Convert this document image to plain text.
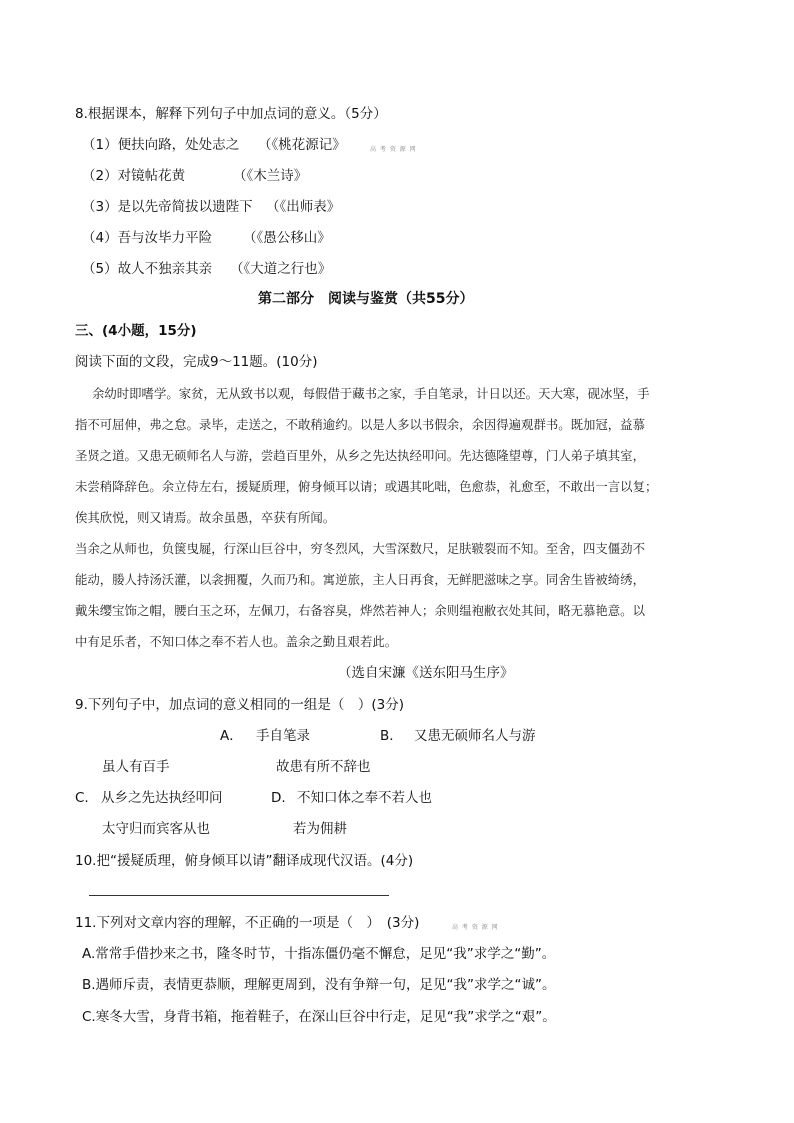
8.根据课本，解释下列句子中加点词的意义。（5分）
（1）便扶向路，处处志之 （《桃花源记》	高 考 资 源 网
（2）对镜帖花黄	（《木兰诗》
（3）是以先帝简拔以遗陛下 （《出师表》
（4）吾与汝毕力平险 （《愚公移山》
（5）故人不独亲其亲 （《大道之行也》
第二部分　阅读与鉴赏（共55分）
三、(4小题，15分)
阅读下面的文段，完成9～11题。(10分)
余幼时即嗜学。家贫，无从致书以观，每假借于藏书之家，手自笔录，计日以还。天大寒，砚冰坚，手
指不可屈伸，弗之怠。录毕，走送之，不敢稍逾约。以是人多以书假余，余因得遍观群书。既加冠，益慕
圣贤之道。又患无硕师名人与游，尝趋百里外，从乡之先达执经叩问。先达德隆望尊，门人弟子填其室，
未尝稍降辞色。余立侍左右，援疑质理，俯身倾耳以请；或遇其叱咄，色愈恭，礼愈至，不敢出一言以复；
俟其欣悦，则又请焉。故余虽愚，卒获有所闻。
当余之从师也，负箧曳屣，行深山巨谷中，穷冬烈风，大雪深数尺，足肤皲裂而不知。至舍，四支僵劲不
能动，媵人持汤沃灌，以衾拥覆，久而乃和。寓逆旅，主人日再食，无鲜肥滋味之享。同舍生皆被绮绣，
戴朱缨宝饰之帽，腰白玉之环，左佩刀，右备容臭，烨然若神人；余则缊袍敝衣处其间，略无慕艳意。以
中有足乐者，不知口体之奉不若人也。盖余之勤且艰若此。
（选自宋濂《送东阳马生序》
9.下列句子中，加点词的意义相同的一组是（　）(3分)
A． 手自笔录	B． 又患无硕师名人与游
虽人有百手	故患有所不辞也
C. 从乡之先达执经叩问	D. 不知口体之奉不若人也
太守归而宾客从也	若为佣耕
10.把“援疑质理，俯身倾耳以请”翻译成现代汉语。(4分)
11.下列对文章内容的理解，不正确的一项是（　）　(3分)	高 考 资 源 网
A.常常手借抄来之书，隆冬时节，十指冻僵仍毫不懈怠，足见“我”求学之“勤”。
B.遇师斥责，表情更恭顺，理解更周到，没有争辩一句，足见“我”求学之“诚”。
C.寒冬大雪，身背书箱，拖着鞋子，在深山巨谷中行走，足见“我”求学之“艰”。
